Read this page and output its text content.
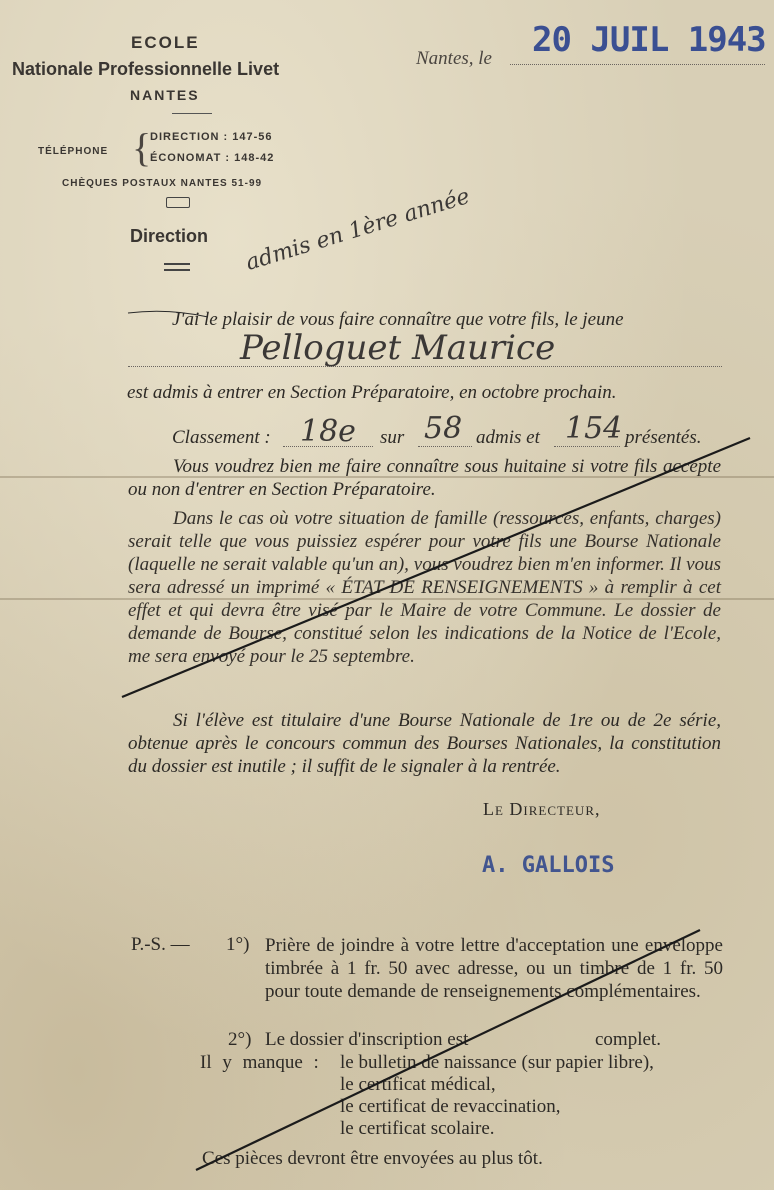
ECOLE
Nationale Professionnelle Livet
NANTES
TÉLÉPHONE {
DIRECTION : 147-56
ÉCONOMAT : 148-42
CHÈQUES POSTAUX NANTES 51-99
Direction
Nantes, le 20 JUIL 1943
admis en 1ère année
J'ai le plaisir de vous faire connaître que votre fils, le jeune
Pelloguet Maurice
est admis à entrer en Section Préparatoire, en octobre prochain.
Classement : 18e sur 58 admis et 154 présentés.
Vous voudrez bien me faire connaître sous huitaine si votre fils accepte ou non d'entrer en Section Préparatoire.
Dans le cas où votre situation de famille (ressources, enfants, charges) serait telle que vous puissiez espérer pour votre fils une Bourse Nationale (laquelle ne serait valable qu'un an), vous voudrez bien m'en informer. Il vous sera adressé un imprimé « ÉTAT DE RENSEIGNEMENTS » à remplir à cet effet et qui devra être visé par le Maire de votre Commune. Le dossier de demande de Bourse, constitué selon les indications de la Notice de l'Ecole, me sera envoyé pour le 25 septembre.
Si l'élève est titulaire d'une Bourse Nationale de 1re ou de 2e série, obtenue après le concours commun des Bourses Nationales, la constitution du dossier est inutile ; il suffit de le signaler à la rentrée.
Le Directeur,
A. GALLOIS
P.-S. — 1°) Prière de joindre à votre lettre d'acceptation une enveloppe timbrée à 1 fr. 50 avec adresse, ou un timbre de 1 fr. 50 pour toute demande de renseignements complémentaires.
2°) Le dossier d'inscription est	complet.
Il y manque : le bulletin de naissance (sur papier libre),
le certificat médical,
le certificat de revaccination,
le certificat scolaire.
Ces pièces devront être envoyées au plus tôt.
